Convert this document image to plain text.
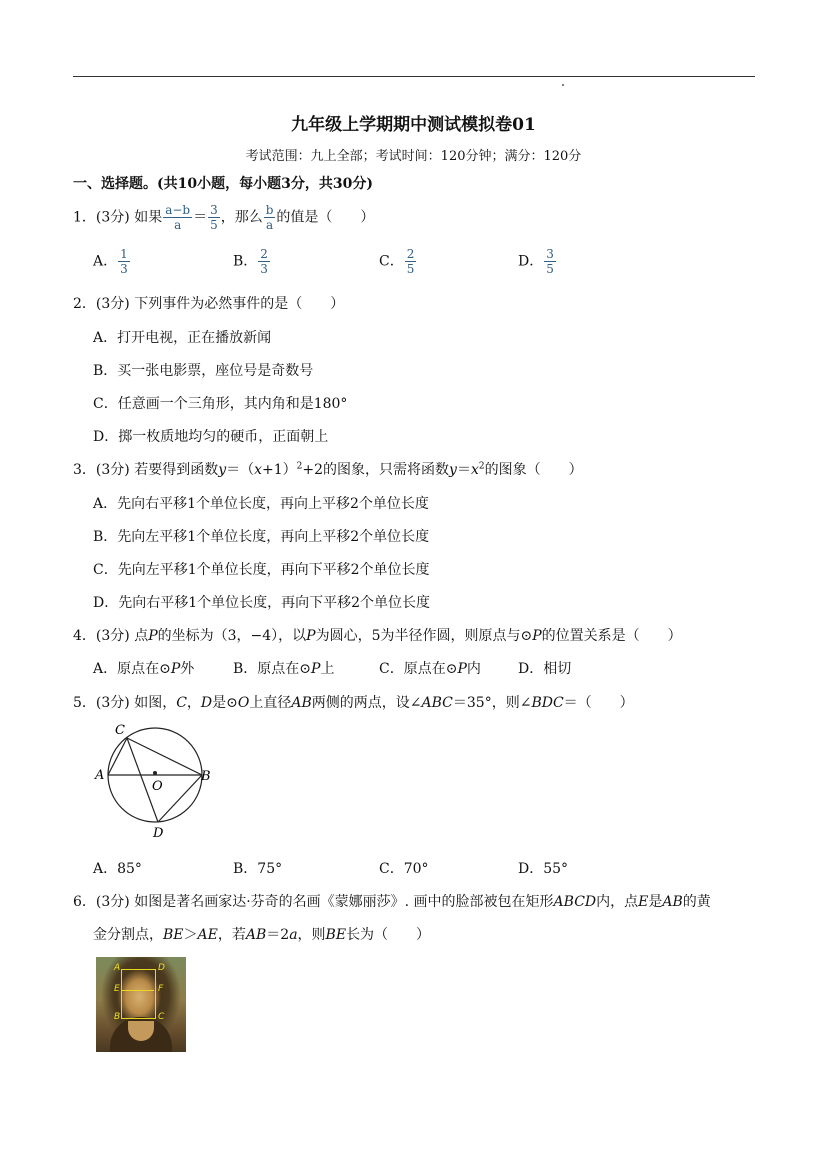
九年级上学期期中测试模拟卷01
考试范围：九上全部；考试时间：120分钟；满分：120分
一、选择题。(共10小题，每小题3分，共30分)
1．(3分) 如果 $\frac{a-b}{a} = \frac{3}{5}$ ，那么 $\frac{b}{a}$ 的值是（　　）
A． $\frac{1}{3}$	B． $\frac{2}{3}$	C． $\frac{2}{5}$	D． $\frac{3}{5}$
2．(3分) 下列事件为必然事件的是（　　）
A．打开电视，正在播放新闻
B．买一张电影票，座位号是奇数号
C．任意画一个三角形，其内角和是180°
D．掷一枚质地均匀的硬币，正面朝上
3．(3分) 若要得到函数$y=(x+1)^2+2$的图象，只需将函数$y=x^2$的图象（　　）
A．先向右平移1个单位长度，再向上平移2个单位长度
B．先向左平移1个单位长度，再向上平移2个单位长度
C．先向左平移1个单位长度，再向下平移2个单位长度
D．先向右平移1个单位长度，再向下平移2个单位长度
4．(3分) 点P的坐标为（3，−4），以P为圆心，5为半径作圆，则原点与⊙P的位置关系是（　　）
A．原点在⊙P外	B．原点在⊙P上	C．原点在⊙P内	D．相切
5．(3分) 如图，C，D是⊙O上直径AB两侧的两点，设∠ABC＝35°，则∠BDC＝（　　）
C
A	B
O
D
A．85°	B．75°	C．70°	D．55°
6．(3分) 如图是著名画家达·芬奇的名画《蒙娜丽莎》. 画中的脸部被包在矩形ABCD内，点E是AB的黄
金分割点，BE＞AE，若AB＝2a，则BE长为（　　）
A	D
E	F
B	C
